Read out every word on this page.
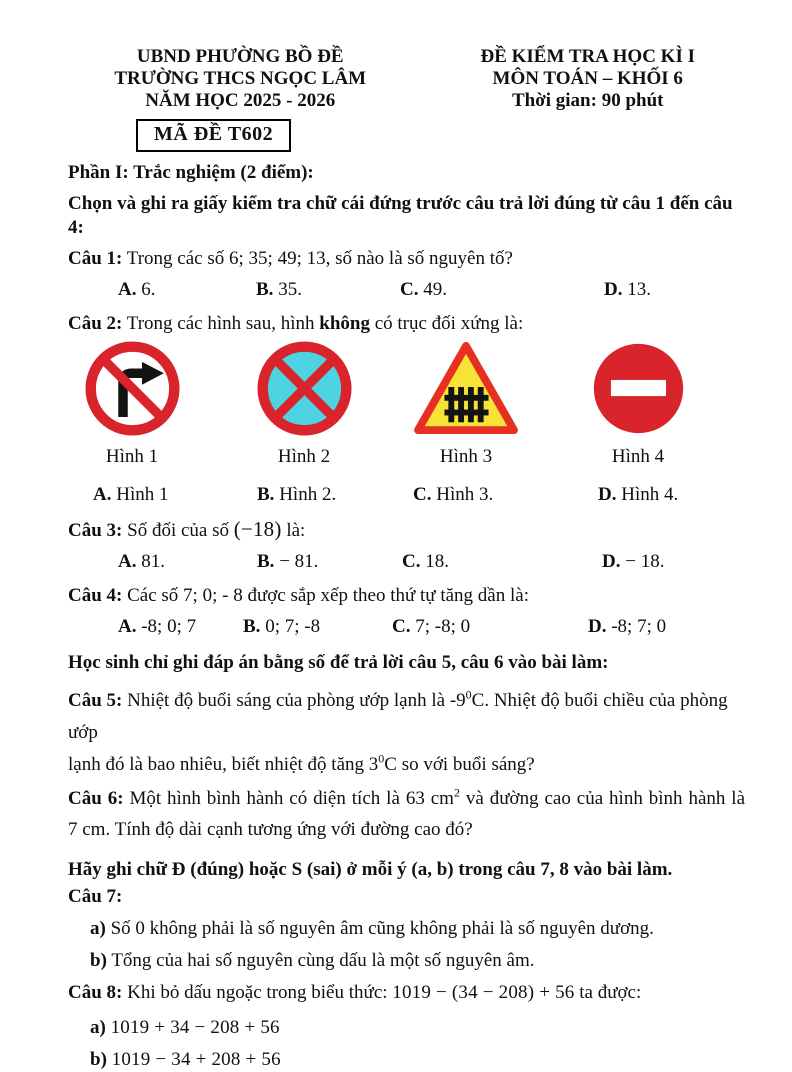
UBND PHƯỜNG BỒ ĐỀ
TRƯỜNG THCS NGỌC LÂM
NĂM HỌC 2025 - 2026
ĐỀ KIỂM TRA HỌC KÌ I
MÔN TOÁN – KHỐI 6
Thời gian: 90 phút
MÃ ĐỀ T602
Phần I: Trắc nghiệm (2 điểm):
Chọn và ghi ra giấy kiểm tra chữ cái đứng trước câu trả lời đúng từ câu 1 đến câu 4:
Câu 1: Trong các số 6; 35; 49; 13, số nào là số nguyên tố?
A. 6.	B. 35.	C. 49.	D. 13.
Câu 2: Trong các hình sau, hình không có trục đối xứng là:
Hình 1	Hình 2	Hình 3	Hình 4
A. Hình 1	B. Hình 2.	C. Hình 3.	D. Hình 4.
Câu 3: Số đối của số (−18) là:
A. 81.	B. − 81.	C. 18.	D. − 18.
Câu 4: Các số 7; 0; - 8 được sắp xếp theo thứ tự tăng dần là:
A. -8; 0; 7 B. 0; 7; -8	C. 7; -8; 0	D. -8; 7; 0
Học sinh chỉ ghi đáp án bằng số để trả lời câu 5, câu 6 vào bài làm:
Câu 5: Nhiệt độ buổi sáng của phòng ướp lạnh là $-9^0C$. Nhiệt độ buổi chiều của phòng ướp
lạnh đó là bao nhiêu, biết nhiệt độ tăng $3^0C$ so với buổi sáng?
Câu 6: Một hình bình hành có diện tích là 63 $cm^2$ và đường cao của hình bình hành là
7 cm. Tính độ dài cạnh tương ứng với đường cao đó?
Hãy ghi chữ Đ (đúng) hoặc S (sai) ở mỗi ý (a, b) trong câu 7, 8 vào bài làm.
Câu 7:
a) Số 0 không phải là số nguyên âm cũng không phải là số nguyên dương.
b) Tổng của hai số nguyên cùng dấu là một số nguyên âm.
Câu 8: Khi bỏ dấu ngoặc trong biểu thức: 1019 − (34 − 208) + 56 ta được:
a) 1019 + 34 − 208 + 56
b) 1019 − 34 + 208 + 56
